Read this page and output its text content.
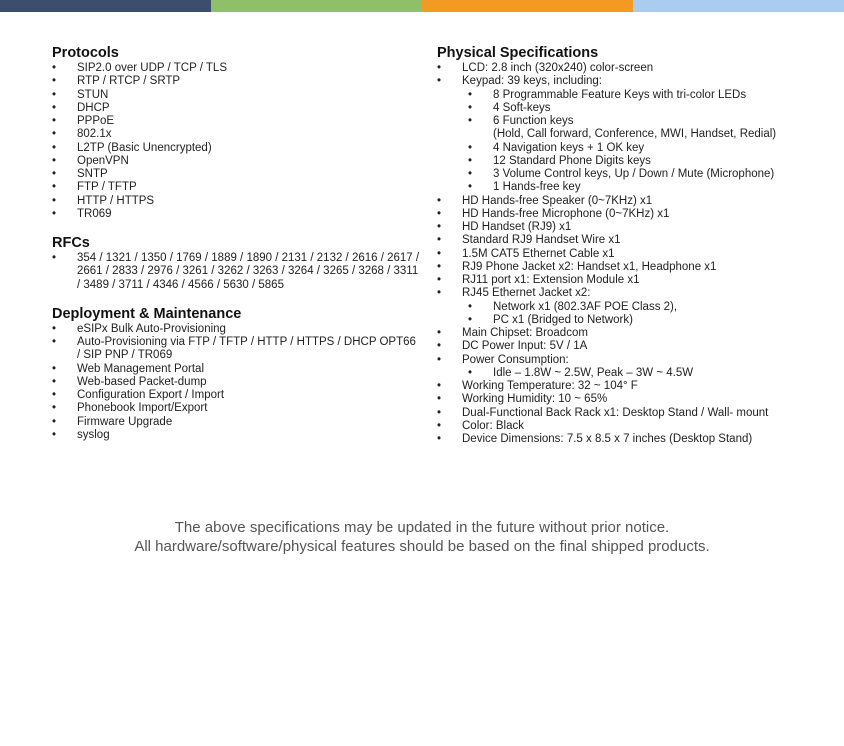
Protocols
• SIP2.0 over UDP / TCP / TLS
• RTP / RTCP / SRTP
• STUN
• DHCP
• PPPoE
• 802.1x
• L2TP (Basic Unencrypted)
• OpenVPN
• SNTP
• FTP / TFTP
• HTTP / HTTPS
• TR069
RFCs
• 354 / 1321 / 1350 / 1769 / 1889 / 1890 / 2131 / 2132 / 2616 / 2617 /
2661 / 2833 / 2976 / 3261 / 3262 / 3263 / 3264 / 3265 / 3268 / 3311
/ 3489 / 3711 / 4346 / 4566 / 5630 / 5865
Deployment & Maintenance
• eSIPx Bulk Auto-Provisioning
• Auto-Provisioning via FTP / TFTP / HTTP / HTTPS / DHCP OPT66
/ SIP PNP / TR069
• Web Management Portal
• Web-based Packet-dump
• Configuration Export / Import
• Phonebook Import/Export
• Firmware Upgrade
• syslog
Physical Specifications
• LCD: 2.8 inch (320x240) color-screen
• Keypad: 39 keys, including:
• 8 Programmable Feature Keys with tri-color LEDs
• 4 Soft-keys
• 6 Function keys
(Hold, Call forward, Conference, MWI, Handset, Redial)
• 4 Navigation keys + 1 OK key
• 12 Standard Phone Digits keys
• 3 Volume Control keys, Up / Down / Mute (Microphone)
• 1 Hands-free key
• HD Hands-free Speaker (0~7KHz) x1
• HD Hands-free Microphone (0~7KHz) x1
• HD Handset (RJ9) x1
• Standard RJ9 Handset Wire x1
• 1.5M CAT5 Ethernet Cable x1
• RJ9 Phone Jacket x2: Handset x1, Headphone x1
• RJ11 port x1: Extension Module x1
• RJ45 Ethernet Jacket x2:
• Network x1 (802.3AF POE Class 2),
• PC x1 (Bridged to Network)
• Main Chipset: Broadcom
• DC Power Input: 5V / 1A
• Power Consumption:
• Idle – 1.8W ~ 2.5W, Peak – 3W ~ 4.5W
• Working Temperature: 32 ~ 104° F
• Working Humidity: 10 ~ 65%
• Dual-Functional Back Rack x1: Desktop Stand / Wall- mount
• Color: Black
• Device Dimensions: 7.5 x 8.5 x 7 inches (Desktop Stand)
The above specifications may be updated in the future without prior notice.
All hardware/software/physical features should be based on the final shipped products.
